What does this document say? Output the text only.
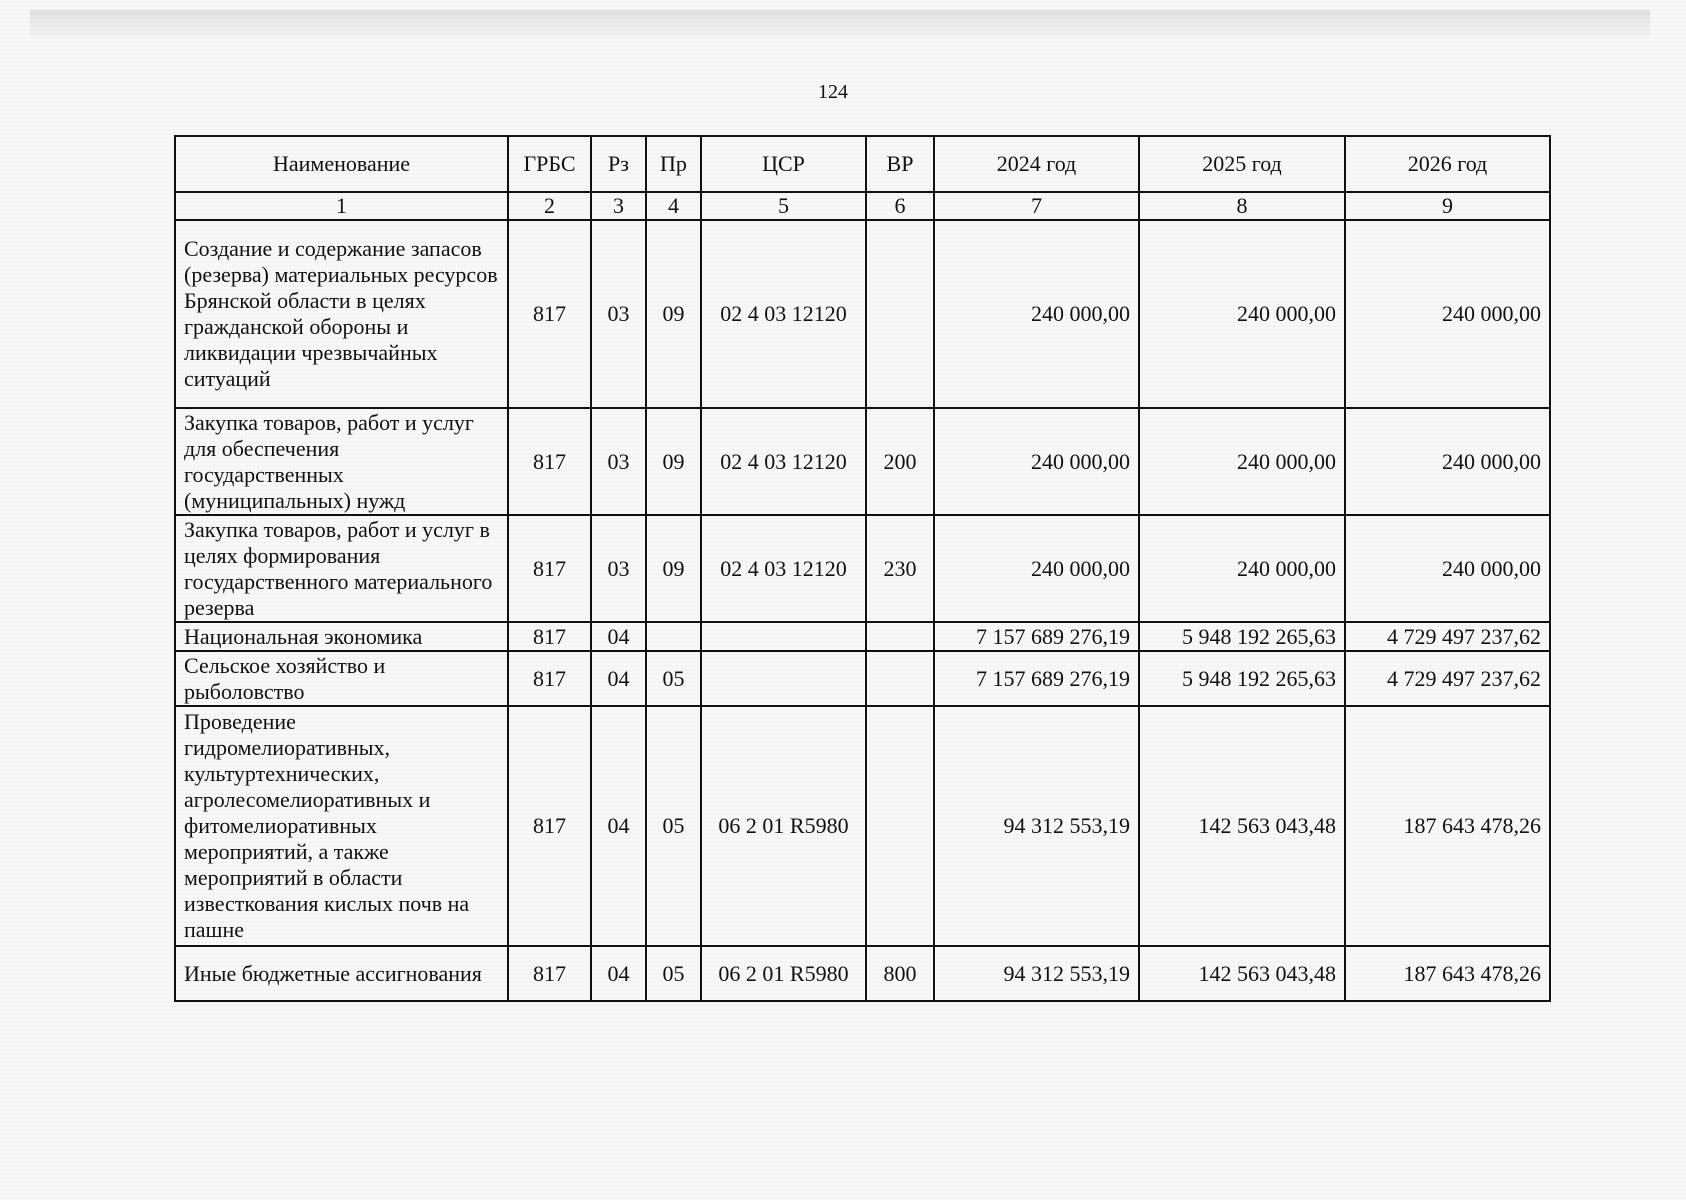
124
Наименование	ГРБС	Рз	Пр	ЦСР	ВР	2024 год	2025 год	2026 год
1	2	3	4	5	6	7	8	9
Создание и содержание запасов (резерва) материальных ресурсов Брянской области в целях гражданской обороны и ликвидации чрезвычайных ситуаций	817	03	09	02 4 03 12120		240 000,00	240 000,00	240 000,00
Закупка товаров, работ и услуг для обеспечения государственных (муниципальных) нужд	817	03	09	02 4 03 12120	200	240 000,00	240 000,00	240 000,00
Закупка товаров, работ и услуг в целях формирования государственного материального резерва	817	03	09	02 4 03 12120	230	240 000,00	240 000,00	240 000,00
Национальная экономика	817	04				7 157 689 276,19	5 948 192 265,63	4 729 497 237,62
Сельское хозяйство и рыболовство	817	04	05			7 157 689 276,19	5 948 192 265,63	4 729 497 237,62
Проведение гидромелиоративных, культуртехнических, агролесомелиоративных и фитомелиоративных мероприятий, а также мероприятий в области известкования кислых почв на пашне	817	04	05	06 2 01 R5980		94 312 553,19	142 563 043,48	187 643 478,26
Иные бюджетные ассигнования	817	04	05	06 2 01 R5980	800	94 312 553,19	142 563 043,48	187 643 478,26
